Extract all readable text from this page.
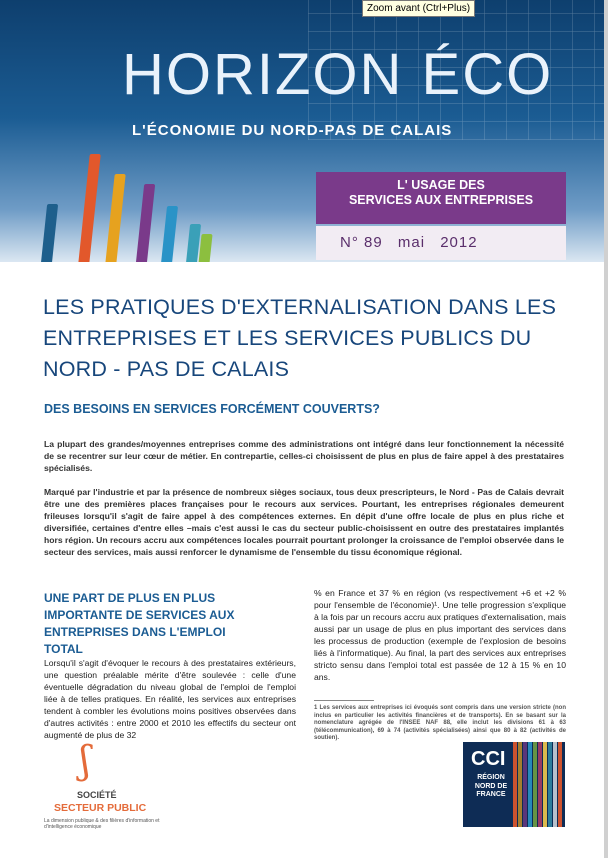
HORIZON ÉCO
L'ÉCONOMIE DU NORD-PAS DE CALAIS
L' USAGE DES
SERVICES AUX ENTREPRISES
N° 89 mai 2012
Zoom avant (Ctrl+Plus)
LES PRATIQUES D'EXTERNALISATION DANS LES ENTREPRISES ET LES SERVICES PUBLICS DU NORD - PAS DE CALAIS
DES BESOINS EN SERVICES FORCÉMENT COUVERTS?

La plupart des grandes/moyennes entreprises comme des administrations ont intégré dans leur fonctionnement la nécessité de se recentrer sur leur cœur de métier. En contrepartie, celles-ci choisissent de plus en plus de faire appel à des prestataires spécialisés.

Marqué par l'industrie et par la présence de nombreux sièges sociaux, tous deux prescripteurs, le Nord - Pas de Calais devrait être une des premières places françaises pour le recours aux services. Pourtant, les entreprises régionales demeurent frileuses lorsqu'il s'agit de faire appel à des compétences externes. En dépit d'une offre locale de plus en plus riche et diversifiée, certaines d'entre elles –mais c'est aussi le cas du secteur public-choisissent en outre des prestataires implantés hors région. Un recours accru aux compétences locales pourrait pourtant prolonger la croissance de l'emploi observée dans le secteur des services, mais aussi renforcer le dynamisme de l'ensemble du tissu économique régional.

UNE PART DE PLUS EN PLUS IMPORTANTE DE SERVICES AUX ENTREPRISES DANS L'EMPLOI TOTAL

Lorsqu'il s'agit d'évoquer le recours à des prestataires extérieurs, une question préalable mérite d'être soulevée : celle d'une éventuelle dégradation du niveau global de l'emploi de l'emploi liée à de telles pratiques. En réalité, les services aux entreprises tendent à combler les évolutions moins positives observées dans d'autres activités : entre 2000 et 2010 les effectifs du secteur ont augmenté de plus de 32

% en France et 37 % en région (vs respectivement +6 et +2 % pour l'ensemble de l'économie)¹. Une telle progression s'explique à la fois par un recours accru aux pratiques d'externalisation, mais aussi par un usage de plus en plus important des services dans les processus de production (exemple de l'explosion de besoins liés à l'informatique). Au final, la part des services aux entreprises stricto sensu dans l'emploi total est passée de 12 à 15 % en 10 ans.

1 Les services aux entreprises ici évoqués sont compris dans une version stricte (non inclus en particulier les activités financières et de transports). En se basant sur la nomenclature agrégée de l'INSEE NAF 88, elle inclut les divisions 61 à 63 (télécommunication), 69 à 74 (activités spécialisées) ainsi que 80 à 82 (activités de soutien).

ʃ
SOCIÉTÉ
SECTEUR PUBLIC
La dimension publique & des filières d'information et d'intelligence économique
CCI
RÉGION NORD DE FRANCE
